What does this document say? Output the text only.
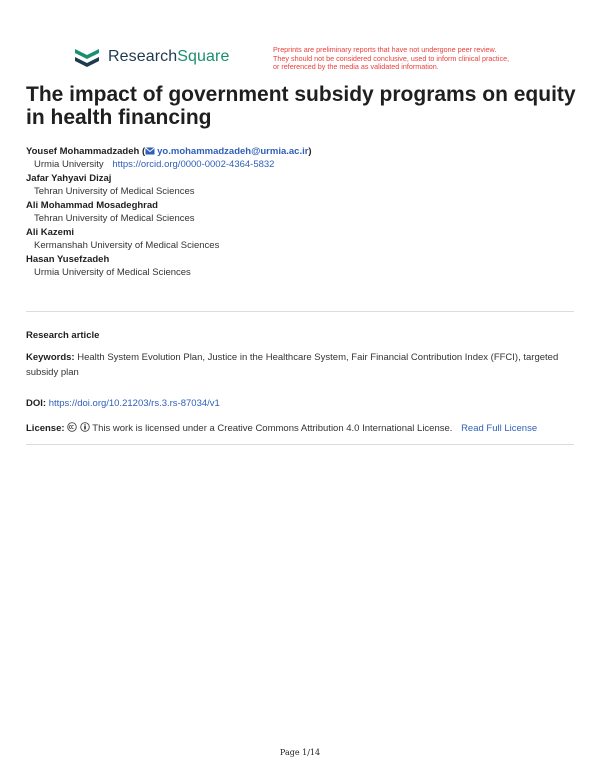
ResearchSquare	Preprints are preliminary reports that have not undergone peer review.
They should not be considered conclusive, used to inform clinical practice,
or referenced by the media as validated information.
The impact of government subsidy programs on equity in health financing
Yousef Mohammadzadeh ( yo.mohammadzadeh@urmia.ac.ir)
Urmia University https://orcid.org/0000-0002-4364-5832
Jafar Yahyavi Dizaj
Tehran University of Medical Sciences
Ali Mohammad Mosadeghrad
Tehran University of Medical Sciences
Ali Kazemi
Kermanshah University of Medical Sciences
Hasan Yusefzadeh
Urmia University of Medical Sciences
Research article
Keywords: Health System Evolution Plan, Justice in the Healthcare System, Fair Financial Contribution Index (FFCI), targeted subsidy plan
DOI: https://doi.org/10.21203/rs.3.rs-87034/v1
License:	This work is licensed under a Creative Commons Attribution 4.0 International License. Read Full License
Page 1/14
